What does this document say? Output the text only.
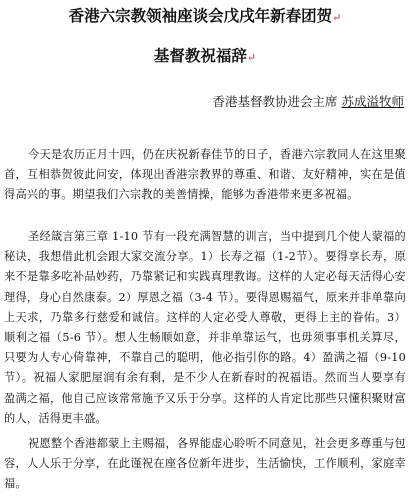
香港六宗教领袖座谈会戊戌年新春团贺↵
基督教祝福辞↵
香港基督教协进会主席 苏成溢牧师

今天是农历正月十四，仍在庆祝新春佳节的日子，香港六宗教同人在这里聚首，互相恭贺彼此问安，体现出香港宗教界的尊重、和谐、友好精神，实在是值得高兴的事。期望我们六宗教的美善情操，能够为香港带来更多祝福。

圣经箴言第三章 1-10 节有一段充满智慧的训言，当中提到几个使人蒙福的秘诀，我想借此机会跟大家交流分享。1）长寿之福（1-2节）。要得享长寿，原来不是靠多吃补品妙药，乃靠紧记和实践真理教诲。这样的人定必每天活得心安理得，身心自然康泰。2）厚恩之福（3-4 节）。要得恩赐福气，原来并非单靠向上天求，乃靠多行慈爱和诚信。这样的人定必受人尊敬，更得上主的眷佑。3）顺利之福（5-6 节）。想人生畅顺如意，并非单靠运气，也毋须事事机关算尽，只要为人专心倚靠神，不靠自己的聪明，他必指引你的路。4）盈满之福（9-10 节）。祝福人家肥屋润有余有剩，是不少人在新春时的祝福语。然而当人要享有盈满之福，他自己应该常常施予又乐于分享。这样的人肯定比那些只懂积聚财富的人，活得更丰盛。

祝愿整个香港都蒙上主赐福，各界能虚心聆听不同意见，社会更多尊重与包容，人人乐于分享，在此谨祝在座各位新年进步，生活愉快，工作顺利，家庭幸福。
